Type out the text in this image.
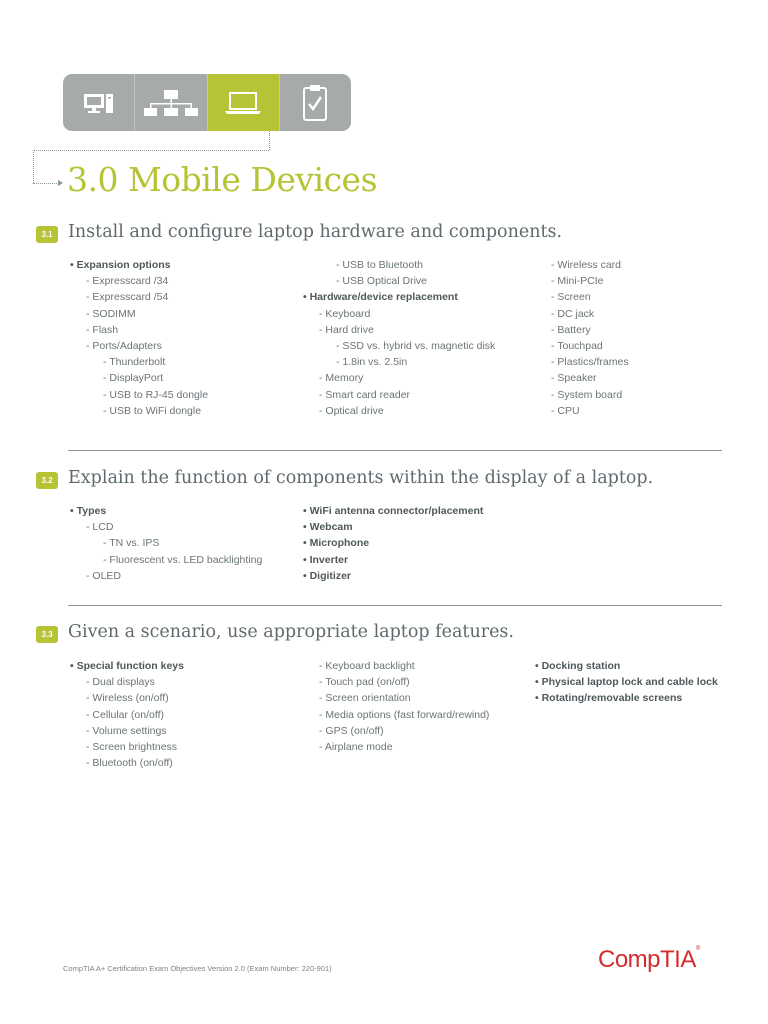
3.0 Mobile Devices
3.1 Install and configure laptop hardware and components.
• Expansion options
- Expresscard /34
- Expresscard /54
- SODIMM
- Flash
- Ports/Adapters
- Thunderbolt
- DisplayPort
- USB to RJ-45 dongle
- USB to WiFi dongle
- USB to Bluetooth
- USB Optical Drive
• Hardware/device replacement
- Keyboard
- Hard drive
- SSD vs. hybrid vs. magnetic disk
- 1.8in vs. 2.5in
- Memory
- Smart card reader
- Optical drive
- Wireless card
- Mini-PCIe
- Screen
- DC jack
- Battery
- Touchpad
- Plastics/frames
- Speaker
- System board
- CPU
3.2 Explain the function of components within the display of a laptop.
• Types
- LCD
- TN vs. IPS
- Fluorescent vs. LED backlighting
- OLED
• WiFi antenna connector/placement
• Webcam
• Microphone
• Inverter
• Digitizer
3.3 Given a scenario, use appropriate laptop features.
• Special function keys
- Dual displays
- Wireless (on/off)
- Cellular (on/off)
- Volume settings
- Screen brightness
- Bluetooth (on/off)
- Keyboard backlight
- Touch pad (on/off)
- Screen orientation
- Media options (fast forward/rewind)
- GPS (on/off)
- Airplane mode
• Docking station
• Physical laptop lock and cable lock
• Rotating/removable screens
CompTIA A+ Certification Exam Objectives Version 2.0 (Exam Number: 220-901)	CompTIA®
